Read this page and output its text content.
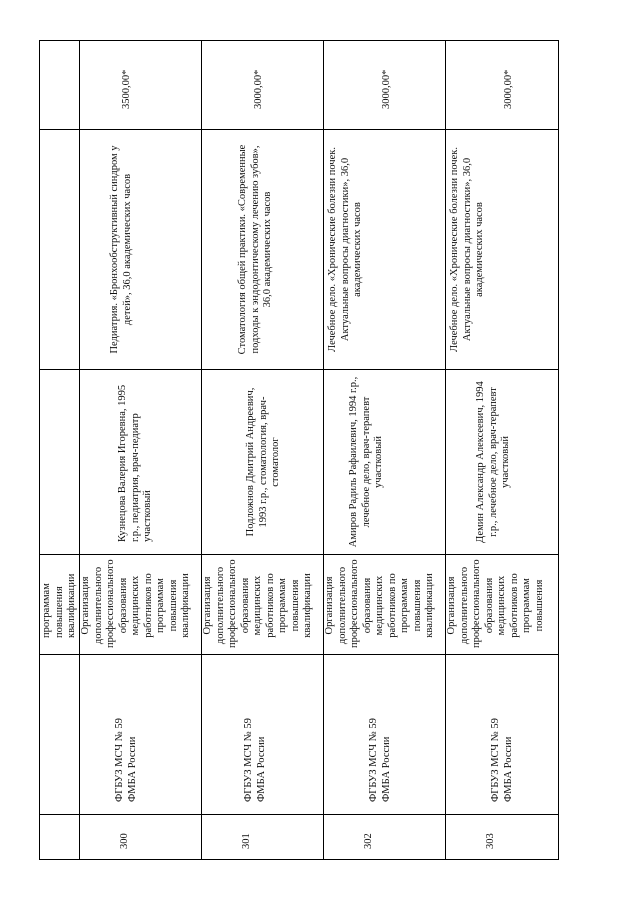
программам повышения квалификации
300
ФГБУЗ МСЧ № 59 ФМБА России
Организация дополнительного профессионального образования медицинских работников по программам повышения квалификации
Кузнецова Валерия Игоревна, 1995 г.р., педиатрия, врач-педиатр участковый
Педиатрия. «Бронхообструктивный синдром у детей», 36,0 академических часов
3500,00*
301
ФГБУЗ МСЧ № 59 ФМБА России
Организация дополнительного профессионального образования медицинских работников по программам повышения квалификации
Подложнов Дмитрий Андреевич, 1993 г.р., стоматология, врач-стоматолог
Стоматология общей практики. «Современные подходы к эндодонтическому лечению зубов», 36,0 академических часов
3000,00*
302
ФГБУЗ МСЧ № 59 ФМБА России
Организация дополнительного профессионального образования медицинских работников по программам повышения квалификации
Амиров Радиль Рафаилевич, 1994 г.р., лечебное дело, врач-терапевт участковый
Лечебное дело. «Хронические болезни почек. Актуальные вопросы диагностики», 36,0 академических часов
3000,00*
303
ФГБУЗ МСЧ № 59 ФМБА России
Организация дополнительного профессионального образования медицинских работников по программам повышения
Демин Александр Алексеевич, 1994 г.р., лечебное дело, врач-терапевт участковый
Лечебное дело. «Хронические болезни почек. Актуальные вопросы диагностики», 36,0 академических часов
3000,00*
